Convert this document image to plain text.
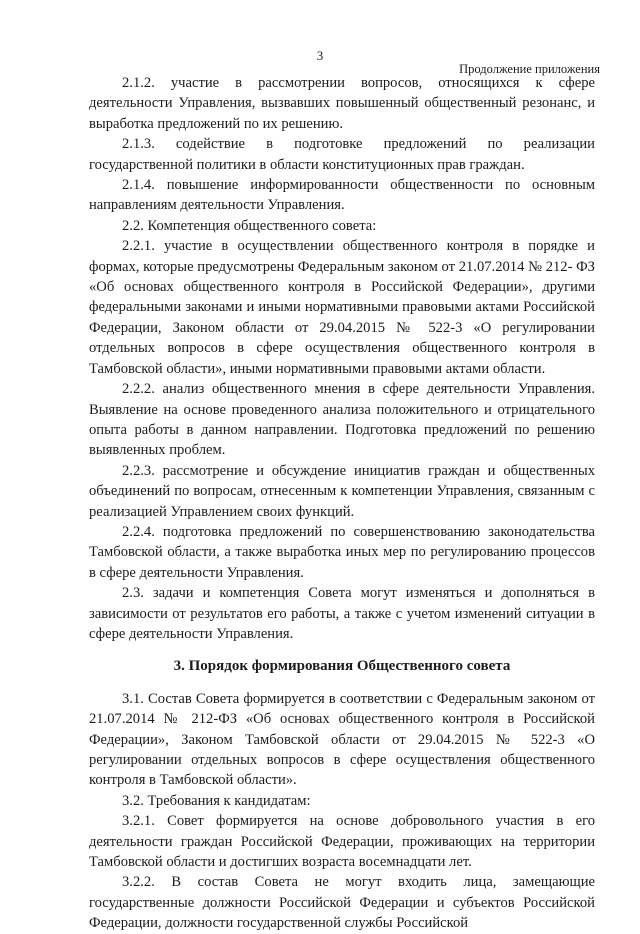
3
Продолжение приложения

2.1.2. участие в рассмотрении вопросов, относящихся к сфере деятельности Управления, вызвавших повышенный общественный резонанс, и выработка предложений по их решению.

2.1.3. содействие в подготовке предложений по реализации государственной политики в области конституционных прав граждан.

2.1.4. повышение информированности общественности по основным направлениям деятельности Управления.

2.2. Компетенция общественного совета:

2.2.1. участие в осуществлении общественного контроля в порядке и формах, которые предусмотрены Федеральным законом от 21.07.2014 № 212- ФЗ «Об основах общественного контроля в Российской Федерации», другими федеральными законами и иными нормативными правовыми актами Российской Федерации, Законом области от 29.04.2015 № 522-3 «О регулировании отдельных вопросов в сфере осуществления общественного контроля в Тамбовской области», иными нормативными правовыми актами области.

2.2.2. анализ общественного мнения в сфере деятельности Управления. Выявление на основе проведенного анализа положительного и отрицательного опыта работы в данном направлении. Подготовка предложений по решению выявленных проблем.

2.2.3. рассмотрение и обсуждение инициатив граждан и общественных объединений по вопросам, отнесенным к компетенции Управления, связанным с реализацией Управлением своих функций.

2.2.4. подготовка предложений по совершенствованию законодательства Тамбовской области, а также выработка иных мер по регулированию процессов в сфере деятельности Управления.

2.3. задачи и компетенция Совета могут изменяться и дополняться в зависимости от результатов его работы, а также с учетом изменений ситуации в сфере деятельности Управления.

3. Порядок формирования Общественного совета

3.1. Состав Совета формируется в соответствии с Федеральным законом от 21.07.2014 № 212-ФЗ «Об основах общественного контроля в Российской Федерации», Законом Тамбовской области от 29.04.2015 № 522-3 «О регулировании отдельных вопросов в сфере осуществления общественного контроля в Тамбовской области».

3.2. Требования к кандидатам:

3.2.1. Совет формируется на основе добровольного участия в его деятельности граждан Российской Федерации, проживающих на территории Тамбовской области и достигших возраста восемнадцати лет.

3.2.2. В состав Совета не могут входить лица, замещающие государственные должности Российской Федерации и субъектов Российской Федерации, должности государственной службы Российской
